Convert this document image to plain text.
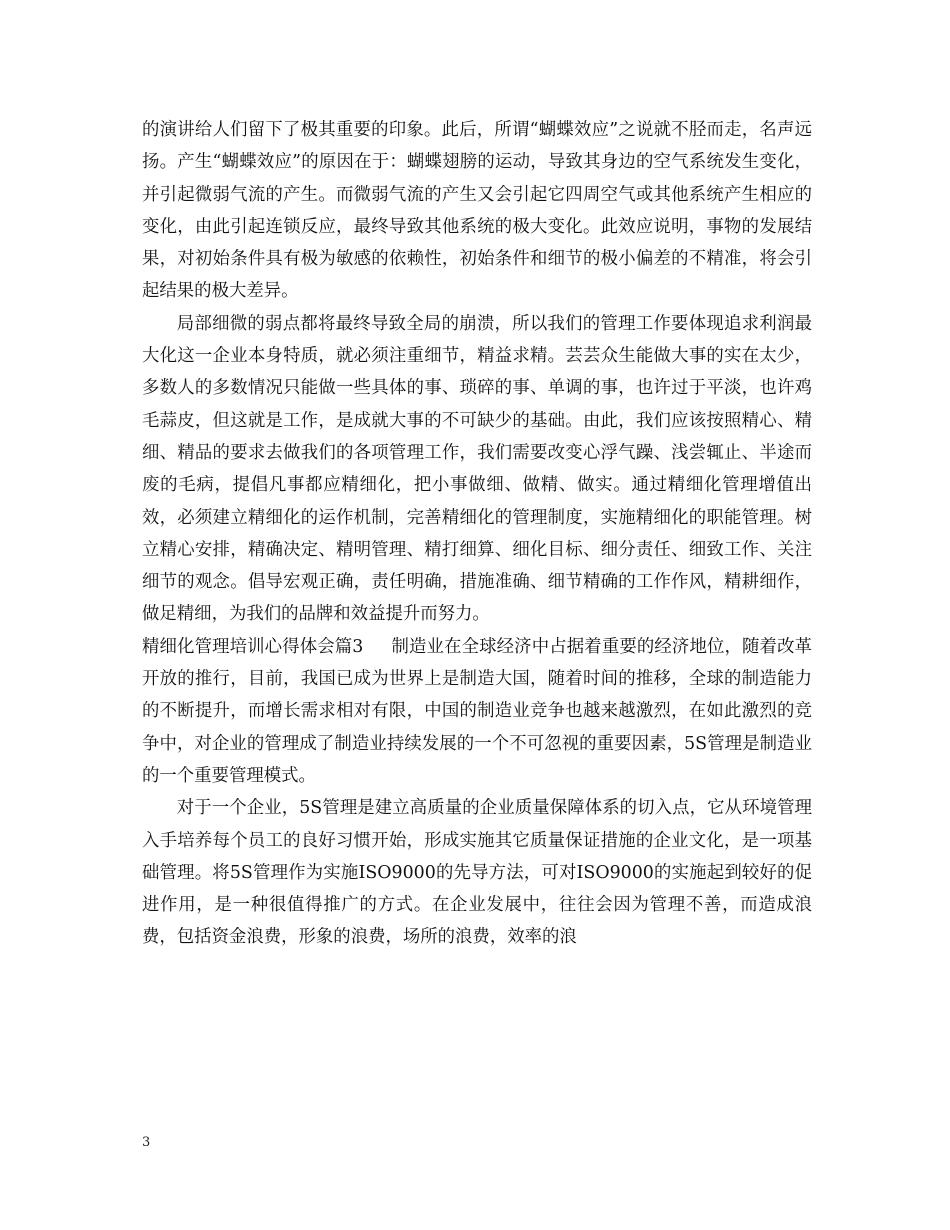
的演讲给人们留下了极其重要的印象。此后，所谓“蝴蝶效应”之说就不胫而走，名声远扬。产生“蝴蝶效应”的原因在于：蝴蝶翅膀的运动，导致其身边的空气系统发生变化，并引起微弱气流的产生。而微弱气流的产生又会引起它四周空气或其他系统产生相应的变化，由此引起连锁反应，最终导致其他系统的极大变化。此效应说明，事物的发展结果，对初始条件具有极为敏感的依赖性，初始条件和细节的极小偏差的不精准，将会引起结果的极大差异。

局部细微的弱点都将最终导致全局的崩溃，所以我们的管理工作要体现追求利润最大化这一企业本身特质，就必须注重细节，精益求精。芸芸众生能做大事的实在太少，多数人的多数情况只能做一些具体的事、琐碎的事、单调的事，也许过于平淡，也许鸡毛蒜皮，但这就是工作，是成就大事的不可缺少的基础。由此，我们应该按照精心、精细、精品的要求去做我们的各项管理工作，我们需要改变心浮气躁、浅尝辄止、半途而废的毛病，提倡凡事都应精细化，把小事做细、做精、做实。通过精细化管理增值出效，必须建立精细化的运作机制，完善精细化的管理制度，实施精细化的职能管理。树立精心安排，精确决定、精明管理、精打细算、细化目标、细分责任、细致工作、关注细节的观念。倡导宏观正确，责任明确，措施准确、细节精确的工作作风，精耕细作，做足精细，为我们的品牌和效益提升而努力。

精细化管理培训心得体会篇3 制造业在全球经济中占据着重要的经济地位，随着改革开放的推行，目前，我国已成为世界上是制造大国，随着时间的推移，全球的制造能力的不断提升，而增长需求相对有限，中国的制造业竞争也越来越激烈，在如此激烈的竞争中，对企业的管理成了制造业持续发展的一个不可忽视的重要因素，5S管理是制造业的一个重要管理模式。

对于一个企业，5S管理是建立高质量的企业质量保障体系的切入点，它从环境管理入手培养每个员工的良好习惯开始，形成实施其它质量保证措施的企业文化，是一项基础管理。将5S管理作为实施ISO9000的先导方法，可对ISO9000的实施起到较好的促进作用，是一种很值得推广的方式。在企业发展中，往往会因为管理不善，而造成浪费，包括资金浪费，形象的浪费，场所的浪费，效率的浪

3
